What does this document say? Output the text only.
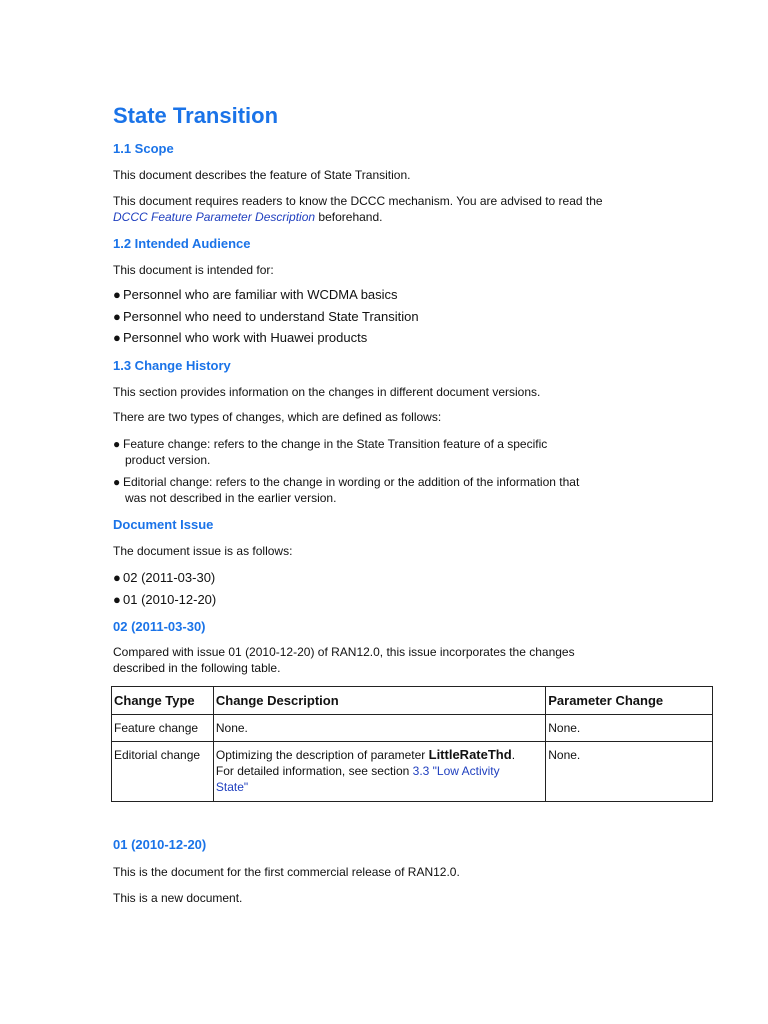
State Transition
1.1 Scope
This document describes the feature of State Transition.
This document requires readers to know the DCCC mechanism. You are advised to read the
DCCC Feature Parameter Description beforehand.
1.2 Intended Audience
This document is intended for:
● Personnel who are familiar with WCDMA basics
● Personnel who need to understand State Transition
● Personnel who work with Huawei products
1.3 Change History
This section provides information on the changes in different document versions.
There are two types of changes, which are defined as follows:
● Feature change: refers to the change in the State Transition feature of a specific
product version.
● Editorial change: refers to the change in wording or the addition of the information that
was not described in the earlier version.
Document Issue
The document issue is as follows:
● 02 (2011-03-30)
● 01 (2010-12-20)
02 (2011-03-30)
Compared with issue 01 (2010-12-20) of RAN12.0, this issue incorporates the changes
described in the following table.
Change Type	Change Description	Parameter Change
Feature change	None.	None.
Editorial change	Optimizing the description of parameter LittleRateThd.
For detailed information, see section 3.3 "Low Activity
State"	None.
01 (2010-12-20)
This is the document for the first commercial release of RAN12.0.
This is a new document.
